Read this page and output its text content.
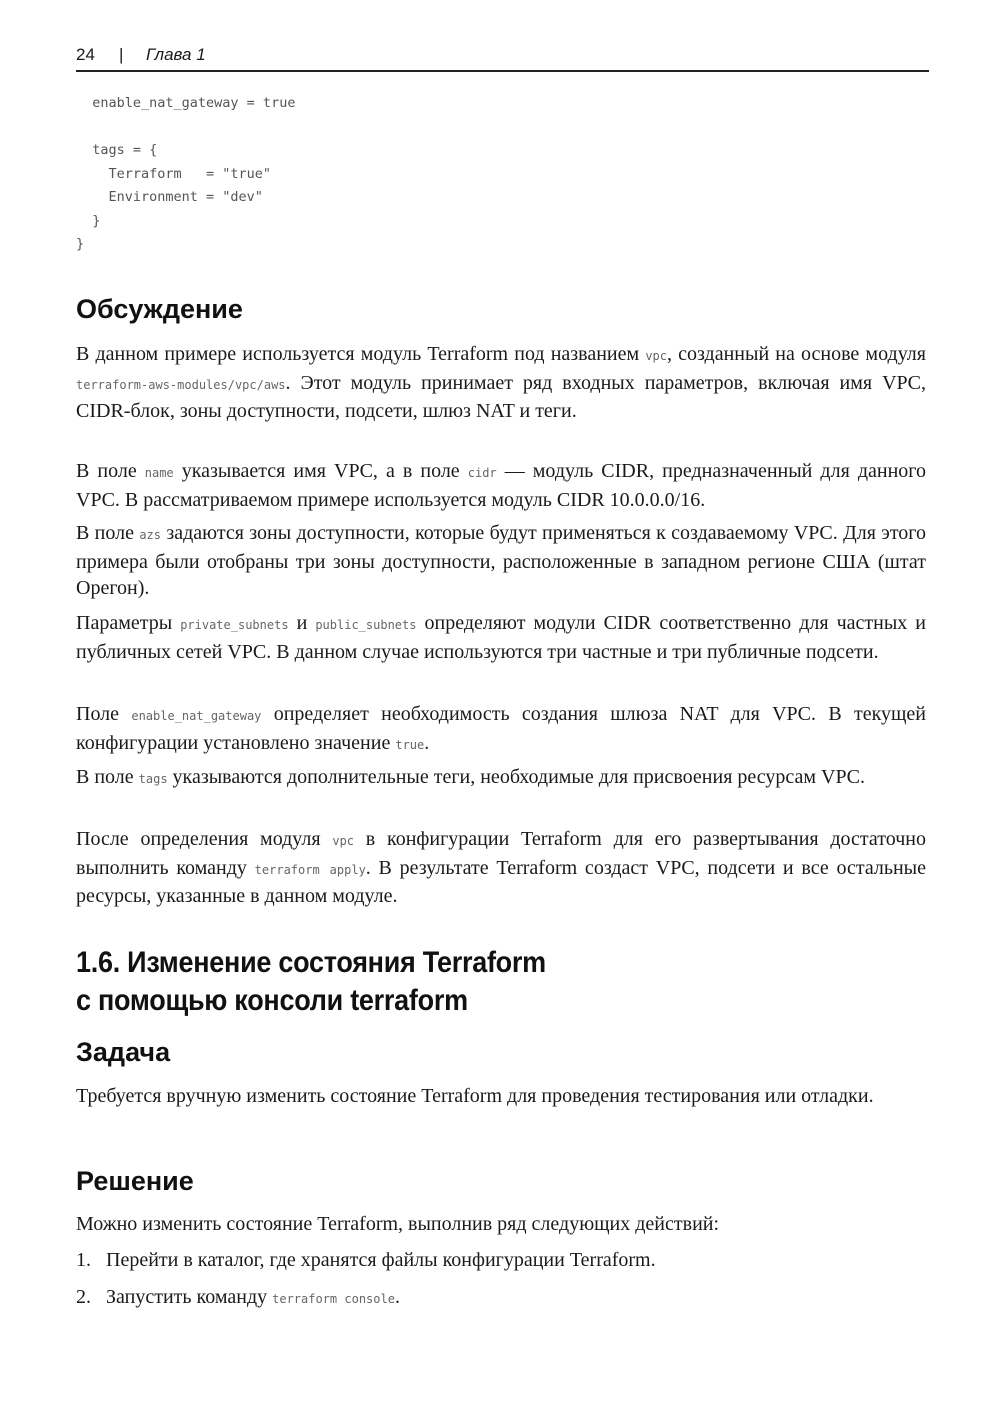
24 | Глава 1
enable_nat_gateway = true

tags = {
Terraform   = "true"
Environment = "dev"
}
}
Обсуждение

В данном примере используется модуль Terraform под названием vpc, созданный на основе модуля terraform-aws-modules/vpc/aws. Этот модуль принимает ряд входных параметров, включая имя VPC, CIDR-блок, зоны доступности, подсети, шлюз NAT и теги.

В поле name указывается имя VPC, а в поле cidr — модуль CIDR, предназначенный для данного VPC. В рассматриваемом примере используется модуль CIDR 10.0.0.0/16.

В поле azs задаются зоны доступности, которые будут применяться к создаваемому VPC. Для этого примера были отобраны три зоны доступности, расположенные в западном регионе США (штат Орегон).

Параметры private_subnets и public_subnets определяют модули CIDR соответственно для частных и публичных сетей VPC. В данном случае используются три частные и три публичные подсети.

Поле enable_nat_gateway определяет необходимость создания шлюза NAT для VPC. В текущей конфигурации установлено значение true.

В поле tags указываются дополнительные теги, необходимые для присвоения ресурсам VPC.

После определения модуля vpc в конфигурации Terraform для его развертывания достаточно выполнить команду terraform apply. В результате Terraform создаст VPC, подсети и все остальные ресурсы, указанные в данном модуле.

1.6. Изменение состояния Terraform
с помощью консоли terraform
Задача

Требуется вручную изменить состояние Terraform для проведения тестирования или отладки.

Решение

Можно изменить состояние Terraform, выполнив ряд следующих действий:

1. Перейти в каталог, где хранятся файлы конфигурации Terraform.

2. Запустить команду terraform console.
